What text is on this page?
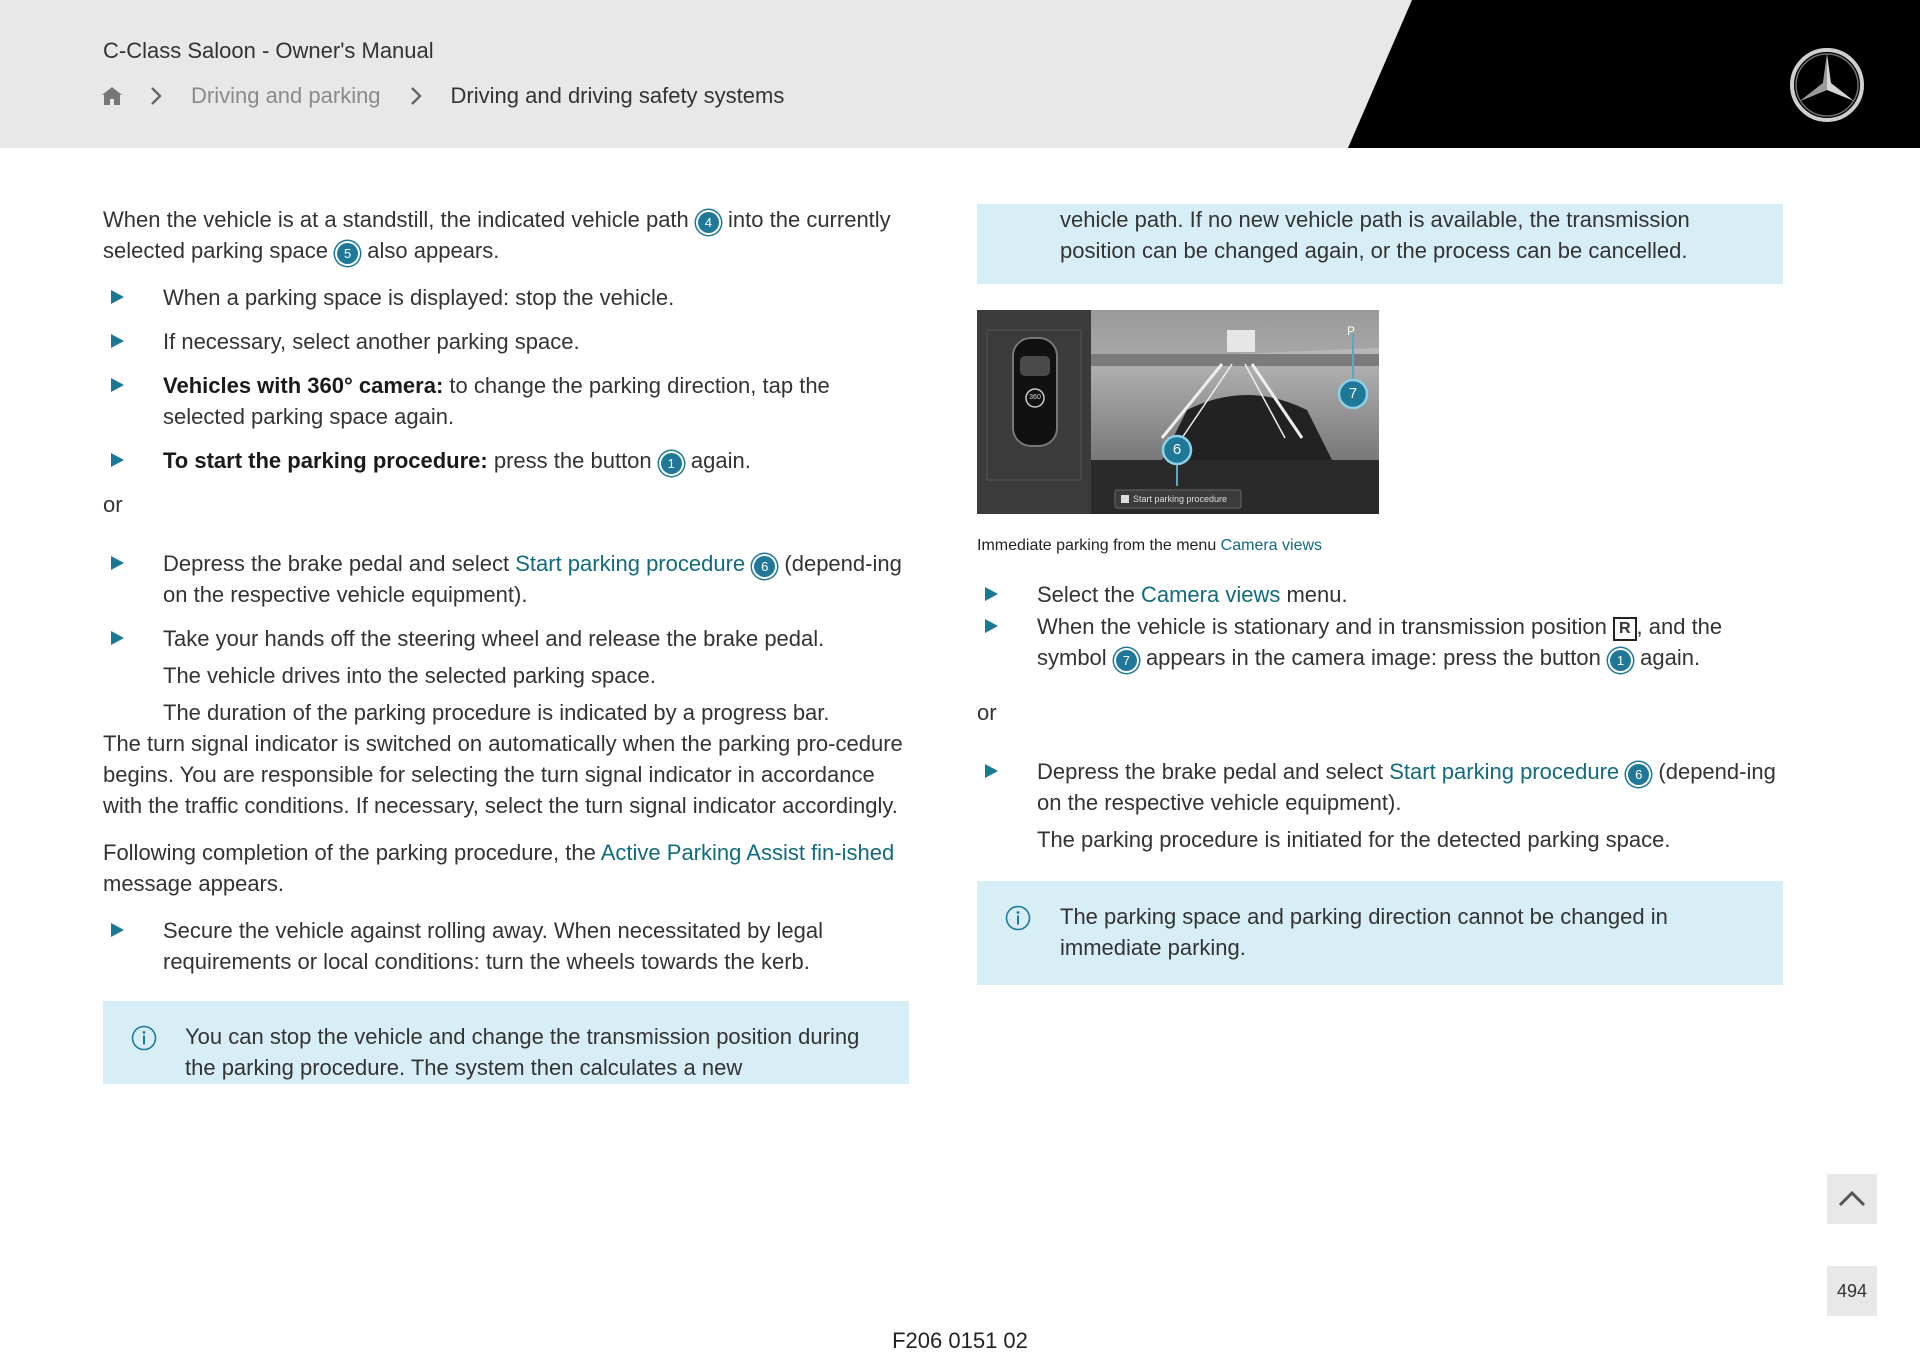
C-Class Saloon - Owner's Manual
Driving and parking	Driving and driving safety systems

When the vehicle is at a standstill, the indicated vehicle path 4 into the currently selected parking space 5 also appears.

When a parking space is displayed: stop the vehicle.
If necessary, select another parking space.
Vehicles with 360° camera: to change the parking direction, tap the selected parking space again.
To start the parking procedure: press the button 1 again.

or

Depress the brake pedal and select Start parking procedure 6 (depend-ing on the respective vehicle equipment).
Take your hands off the steering wheel and release the brake pedal.
The vehicle drives into the selected parking space.
The duration of the parking procedure is indicated by a progress bar.

The turn signal indicator is switched on automatically when the parking pro-cedure begins. You are responsible for selecting the turn signal indicator in accordance with the traffic conditions. If necessary, select the turn signal indicator accordingly.

Following completion of the parking procedure, the Active Parking Assist fin-ished message appears.

Secure the vehicle against rolling away. When necessitated by legal requirements or local conditions: turn the wheels towards the kerb.
You can stop the vehicle and change the transmission position during the parking procedure. The system then calculates a new
vehicle path. If no new vehicle path is available, the transmission position can be changed again, or the process can be cancelled.
P
7
6
360
Start parking procedure

Immediate parking from the menu Camera views

Select the Camera views menu.
When the vehicle is stationary and in transmission position R , and the symbol 7 appears in the camera image: press the button 1 again.

or

Depress the brake pedal and select Start parking procedure 6 (depend-ing on the respective vehicle equipment).
The parking procedure is initiated for the detected parking space.
The parking space and parking direction cannot be changed in immediate parking.
494
F206 0151 02
